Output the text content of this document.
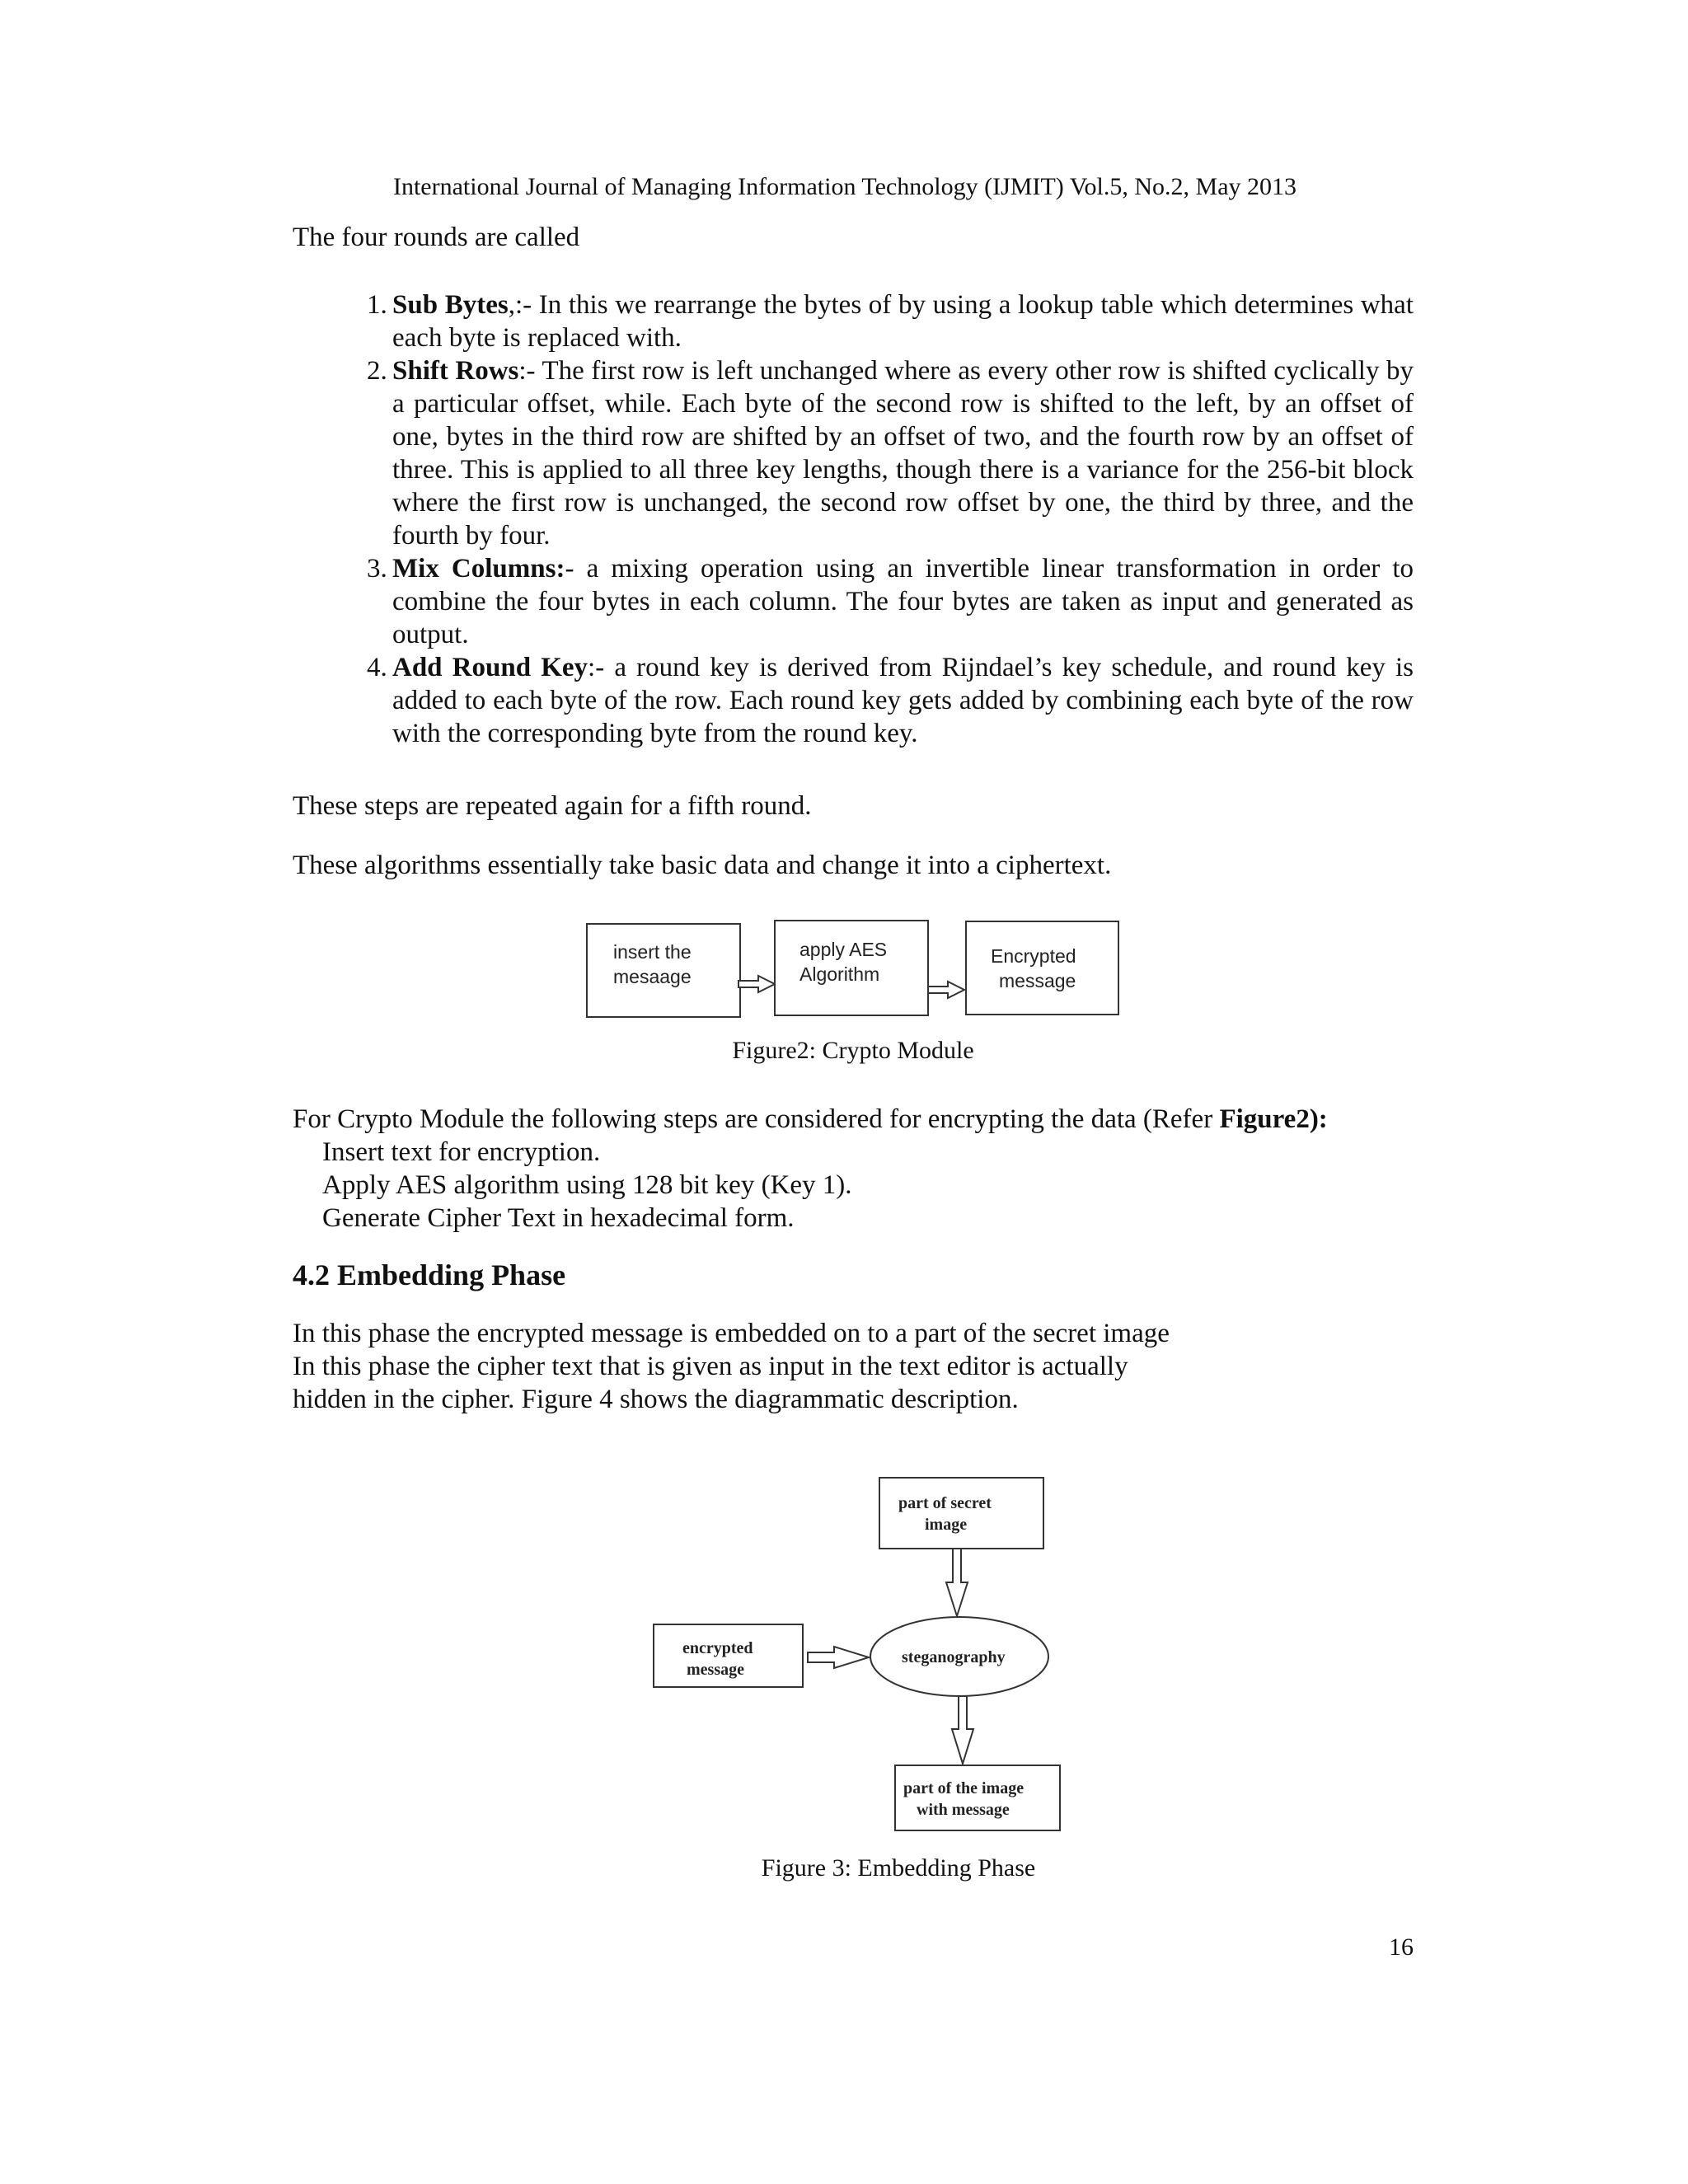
International Journal of Managing Information Technology (IJMIT) Vol.5, No.2, May 2013
The four rounds are called
1. Sub Bytes,:- In this we rearrange the bytes of by using a lookup table which determines what each byte is replaced with.
2. Shift Rows:- The first row is left unchanged where as every other row is shifted cyclically by a particular offset, while. Each byte of the second row is shifted to the left, by an offset of one, bytes in the third row are shifted by an offset of two, and the fourth row by an offset of three. This is applied to all three key lengths, though there is a variance for the 256-bit block where the first row is unchanged, the second row offset by one, the third by three, and the fourth by four.
3. Mix Columns:- a mixing operation using an invertible linear transformation in order to combine the four bytes in each column. The four bytes are taken as input and generated as output.
4. Add Round Key:- a round key is derived from Rijndael’s key schedule, and round key is added to each byte of the row. Each round key gets added by combining each byte of the row with the corresponding byte from the round key.
These steps are repeated again for a fifth round.
These algorithms essentially take basic data and change it into a ciphertext.
insert the
mesaage
apply AES
Algorithm
Encrypted
message
Figure2: Crypto Module
For Crypto Module the following steps are considered for encrypting the data (Refer Figure2):
Insert text for encryption.
Apply AES algorithm using 128 bit key (Key 1).
Generate Cipher Text in hexadecimal form.
4.2 Embedding Phase
In this phase the encrypted message is embedded on to a part of the secret image
In this phase the cipher text that is given as input in the text editor is actually
hidden in the cipher. Figure 4 shows the diagrammatic description.
part of secret
image
encrypted
message
steganography
part of the image
with message
Figure 3: Embedding Phase
16
